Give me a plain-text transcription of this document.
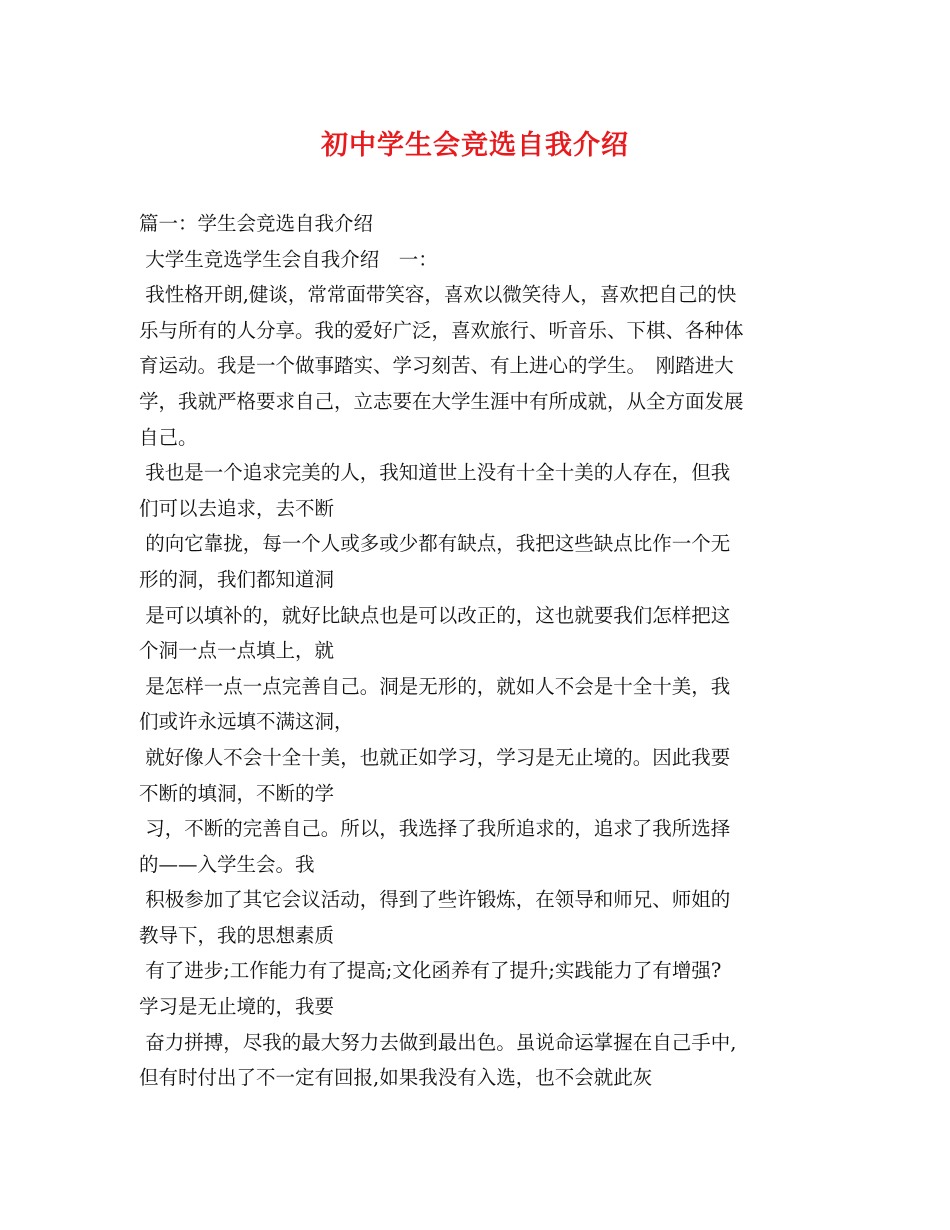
初中学生会竞选自我介绍
篇一：学生会竞选自我介绍
大学生竞选学生会自我介绍　一：
我性格开朗,健谈，常常面带笑容，喜欢以微笑待人，喜欢把自己的快
乐与所有的人分享。我的爱好广泛，喜欢旅行、听音乐、下棋、各种体
育运动。我是一个做事踏实、学习刻苦、有上进心的学生。　刚踏进大
学，我就严格要求自己，立志要在大学生涯中有所成就，从全方面发展
自己。
我也是一个追求完美的人，我知道世上没有十全十美的人存在，但我
们可以去追求，去不断
的向它靠拢，每一个人或多或少都有缺点，我把这些缺点比作一个无
形的洞，我们都知道洞
是可以填补的，就好比缺点也是可以改正的，这也就要我们怎样把这
个洞一点一点填上，就
是怎样一点一点完善自己。洞是无形的，就如人不会是十全十美，我
们或许永远填不满这洞，
就好像人不会十全十美，也就正如学习，学习是无止境的。因此我要
不断的填洞，不断的学
习，不断的完善自己。所以，我选择了我所追求的，追求了我所选择
的——入学生会。我
积极参加了其它会议活动，得到了些许锻炼，在领导和师兄、师姐的
教导下，我的思想素质
有了进步;工作能力有了提高;文化函养有了提升;实践能力了有增强?
学习是无止境的，我要
奋力拼搏，尽我的最大努力去做到最出色。虽说命运掌握在自己手中,
但有时付出了不一定有回报,如果我没有入选，也不会就此灰
